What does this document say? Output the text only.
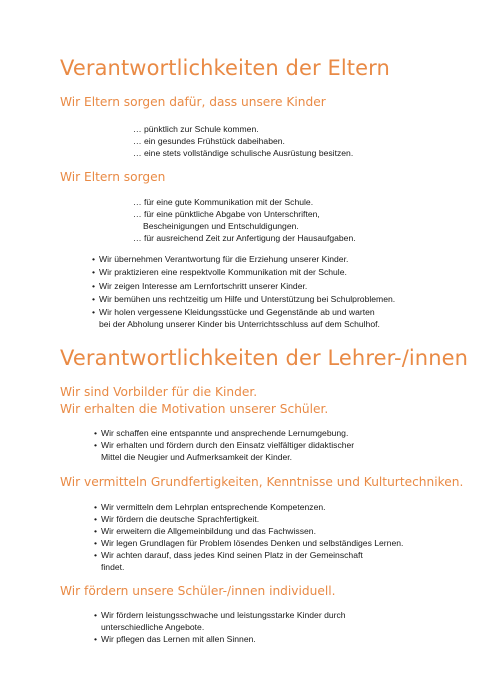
Verantwortlichkeiten der Eltern
Wir Eltern sorgen dafür, dass unsere Kinder

… pünktlich zur Schule kommen.

… ein gesundes Frühstück dabeihaben.

… eine stets vollständige schulische Ausrüstung besitzen.

Wir Eltern sorgen

… für eine gute Kommunikation mit der Schule.

… für eine pünktliche Abgabe von Unterschriften,

Bescheinigungen und Entschuldigungen.

… für ausreichend Zeit zur Anfertigung der Hausaufgaben.

• Wir übernehmen Verantwortung für die Erziehung unserer Kinder.

• Wir praktizieren eine respektvolle Kommunikation mit der Schule.

• Wir zeigen Interesse am Lernfortschritt unserer Kinder.

• Wir bemühen uns rechtzeitig um Hilfe und Unterstützung bei Schulproblemen.

• Wir holen vergessene Kleidungsstücke und Gegenstände ab und warten

bei der Abholung unserer Kinder bis Unterrichtsschluss auf dem Schulhof.

Verantwortlichkeiten der Lehrer-/innen
Wir sind Vorbilder für die Kinder.
Wir erhalten die Motivation unserer Schüler.

• Wir schaffen eine entspannte und ansprechende Lernumgebung.

• Wir erhalten und fördern durch den Einsatz vielfältiger didaktischer

Mittel die Neugier und Aufmerksamkeit der Kinder.

Wir vermitteln Grundfertigkeiten, Kenntnisse und Kulturtechniken.

• Wir vermitteln dem Lehrplan entsprechende Kompetenzen.

• Wir fördern die deutsche Sprachfertigkeit.

• Wir erweitern die Allgemeinbildung und das Fachwissen.

• Wir legen Grundlagen für Problem lösendes Denken und selbständiges Lernen.

• Wir achten darauf, dass jedes Kind seinen Platz in der Gemeinschaft

findet.

Wir fördern unsere Schüler-/innen individuell.

• Wir fördern leistungsschwache und leistungsstarke Kinder durch

unterschiedliche Angebote.

• Wir pflegen das Lernen mit allen Sinnen.
